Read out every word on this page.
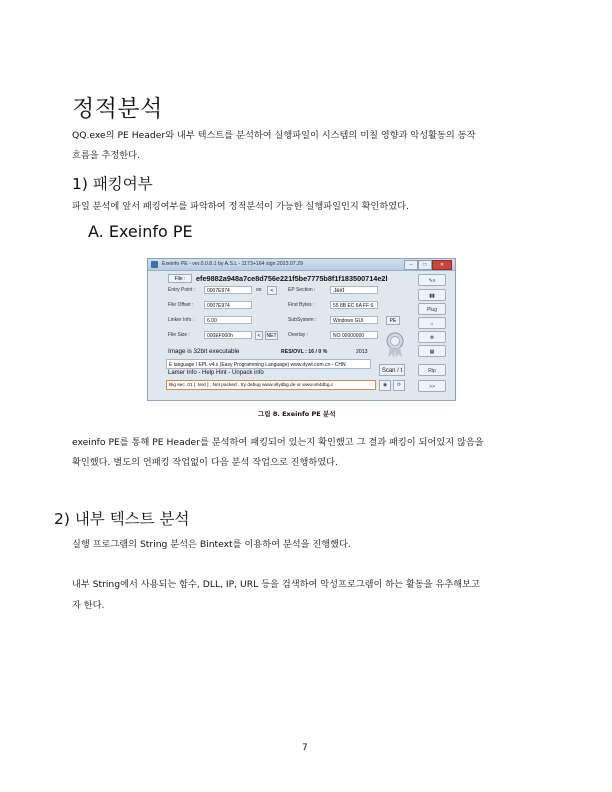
정적분석
QQ.exe의 PE Header와 내부 텍스트를 분석하여 실행파일이 시스템의 미칠 영향과 악성활동의 동작
흐름을 추정한다.
1) 패킹여부
파일 분석에 앞서 패킹여부를 파악하여 정적분석이 가능한 실행파일인지 확인하였다.
A. Exeinfo PE
Exeinfo PE - ver.0.0.8.1 by A.S.L - 1173+164 sign 2023.07.29	–	□	✕
File :	efe9882a948a7ce8d756e221f5be7775b8f1f183500714e2l
Entry Point :	0007E974	oo	<
File Offset :	0007E974
Linker Info :	6.00
File Size :	000EF000h	<	NET
EP Section :	.text
First Bytes :	55 8B EC 6A FF 6
SubSystem :	Windows GUI
Overlay :	NO 00000000
PE
Image is 32bit executable	RES/OVL : 16 / 0 %	2013
E language / EPL v4.x (Easy Programming Language) www.dywt.com.cn - CHN
Lamer Info - Help Hint - Unpack info
Big sec. 01 [ .text ] , Not packed , try debug www.ollydbg.de or www.x64dbg.c
Scan / t
◉	⟳
✎≡
▮▮
Plug
⌂
✻
▦
Rip
>>
그림 8. Exeinfo PE 분석
exeinfo PE를 통해 PE Header를 분석하여 패킹되어 있는지 확인했고 그 결과 패킹이 되어있지 않음을
확인했다. 별도의 언패킹 작업없이 다음 분석 작업으로 진행하였다.
2) 내부 텍스트 분석
실행 프로그램의 String 분석은 Bintext를 이용하여 분석을 진행했다.
내부 String에서 사용되는 함수, DLL, IP, URL 등을 검색하여 악성프로그램이 하는 활동을 유추해보고
자 한다.
7
